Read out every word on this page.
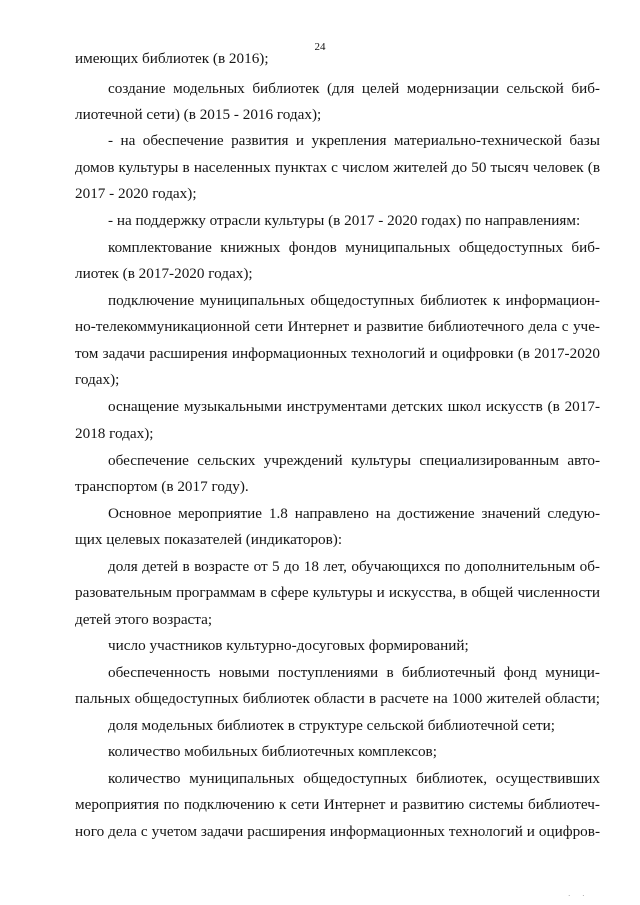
24
имеющих библиотек (в 2016);
создание модельных библиотек (для целей модернизации сельской биб-
лиотечной сети) (в 2015 - 2016 годах);
- на обеспечение развития и укрепления материально-технической базы
домов культуры в населенных пунктах с числом жителей до 50 тысяч человек (в
2017 - 2020 годах);
- на поддержку отрасли культуры (в 2017 - 2020 годах) по направлениям:
комплектование книжных фондов муниципальных общедоступных биб-
лиотек (в 2017-2020 годах);
подключение муниципальных общедоступных библиотек к информацион-
но-телекоммуникационной сети Интернет и развитие библиотечного дела с уче-
том задачи расширения информационных технологий и оцифровки (в 2017-2020
годах);
оснащение музыкальными инструментами детских школ искусств (в 2017-
2018 годах);
обеспечение сельских учреждений культуры специализированным авто-
транспортом (в 2017 году).
Основное мероприятие 1.8 направлено на достижение значений следую-
щих целевых показателей (индикаторов):
доля детей в возрасте от 5 до 18 лет, обучающихся по дополнительным об-
разовательным программам в сфере культуры и искусства, в общей численности
детей этого возраста;
число участников культурно-досуговых формирований;
обеспеченность новыми поступлениями в библиотечный фонд муници-
пальных общедоступных библиотек области в расчете на 1000 жителей области;
доля модельных библиотек в структуре сельской библиотечной сети;
количество мобильных библиотечных комплексов;
количество муниципальных общедоступных библиотек, осуществивших
мероприятия по подключению к сети Интернет и развитию системы библиотеч-
ного дела с учетом задачи расширения информационных технологий и оцифров-
· ·
